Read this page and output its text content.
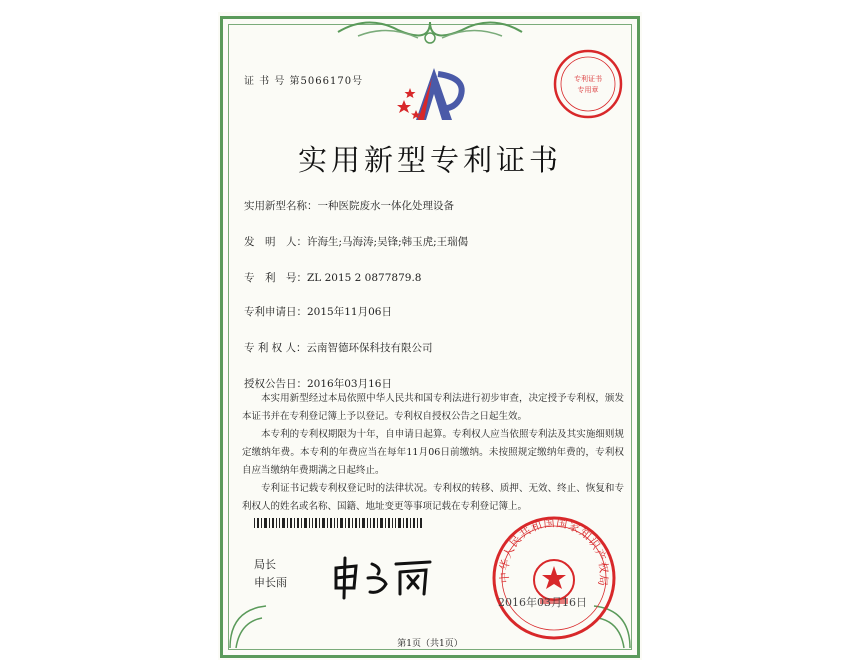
证 书 号 第5066170号	专利证书
专用章
实用新型专利证书
实用新型名称：一种医院废水一体化处理设备
发　明　人：许海生;马海涛;吴锋;韩玉虎;王瑞偈
专　利　号：ZL 2015 2 0877879.8
专利申请日：2015年11月06日
专 利 权 人：云南智德环保科技有限公司
授权公告日：2016年03月16日

本实用新型经过本局依照中华人民共和国专利法进行初步审查，决定授予专利权，颁发本证书并在专利登记簿上予以登记。专利权自授权公告之日起生效。

本专利的专利权期限为十年，自申请日起算。专利权人应当依照专利法及其实施细则规定缴纳年费。本专利的年费应当在每年11月06日前缴纳。未按照规定缴纳年费的，专利权自应当缴纳年费期满之日起终止。

专利证书记载专利权登记时的法律状况。专利权的转移、质押、无效、终止、恢复和专利权人的姓名或名称、国籍、地址变更等事项记载在专利登记簿上。

局长
申长雨	中华人民共和国国家知识产权局
2016年03月16日
第1页（共1页）
